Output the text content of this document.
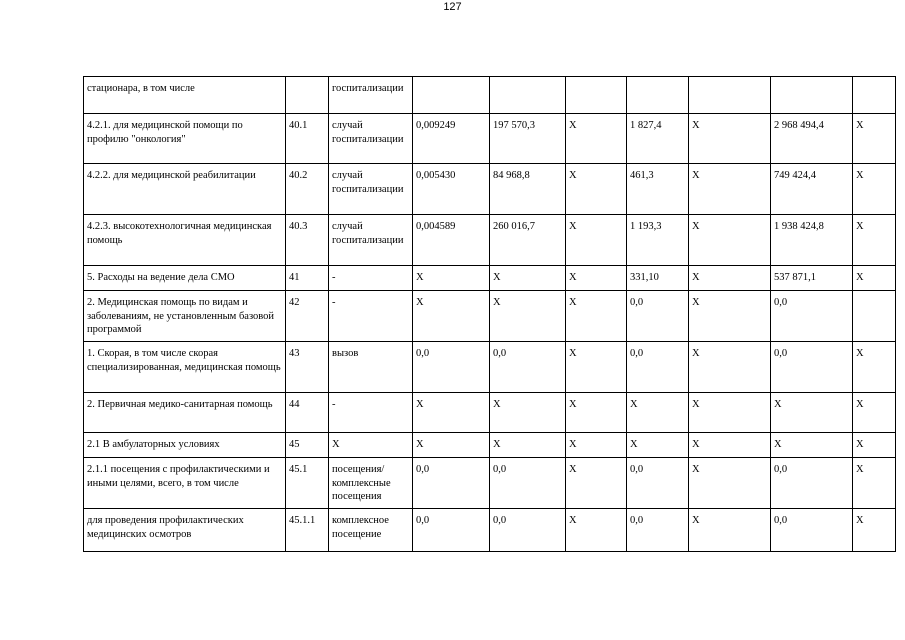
127
стационара, в том числе		госпитализации							
4.2.1. для медицинской помощи по профилю "онкология"	40.1	случай госпитализации	0,009249	197 570,3	Х	1 827,4	Х	2 968 494,4	Х
4.2.2. для медицинской реабилитации	40.2	случай госпитализации	0,005430	84 968,8	Х	461,3	Х	749 424,4	Х
4.2.3. высокотехнологичная медицинская помощь	40.3	случай госпитализации	0,004589	260 016,7	Х	1 193,3	Х	1 938 424,8	Х
5. Расходы на ведение дела СМО	41	-	Х	Х	Х	331,10	Х	537 871,1	Х
2. Медицинская помощь по видам и заболеваниям, не установленным базовой программой	42	-	Х	Х	Х	0,0	Х	0,0	
1. Скорая, в том числе скорая специализированная, медицинская помощь	43	вызов	0,0	0,0	Х	0,0	Х	0,0	Х
2. Первичная медико-санитарная помощь	44	-	Х	Х	Х	Х	Х	Х	Х
2.1 В амбулаторных условиях	45	Х	Х	Х	Х	Х	Х	Х	Х
2.1.1 посещения с профилактическими и иными целями, всего, в том числе	45.1	посещения/комплексные посещения	0,0	0,0	Х	0,0	Х	0,0	Х
для проведения профилактических медицинских осмотров	45.1.1	комплексное посещение	0,0	0,0	Х	0,0	Х	0,0	Х
